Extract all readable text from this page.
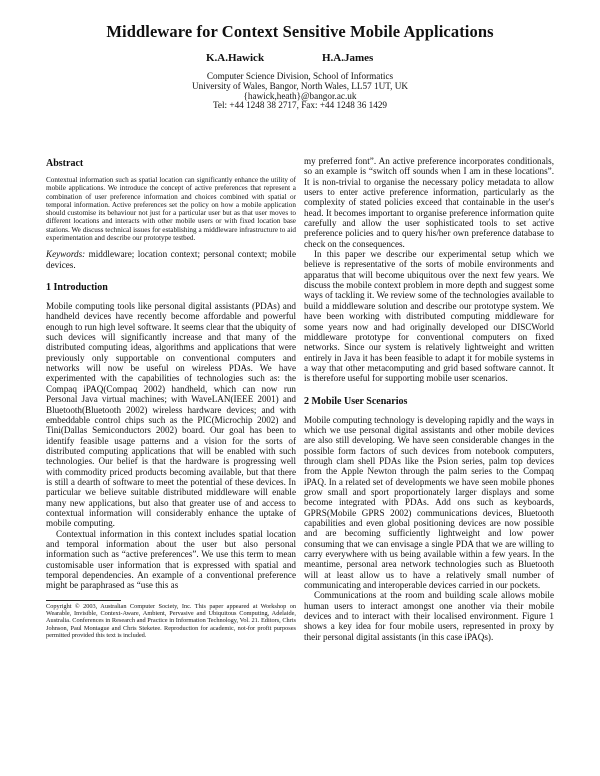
Middleware for Context Sensitive Mobile Applications
K.A.Hawick	H.A.James
Computer Science Division, School of Informatics
University of Wales, Bangor, North Wales, LL57 1UT, UK
{hawick,heath}@bangor.ac.uk
Tel: +44 1248 38 2717, Fax: +44 1248 36 1429
Abstract

Contextual information such as spatial location can significantly enhance the utility of mobile applications. We introduce the concept of active preferences that represent a combination of user preference information and choices combined with spatial or temporal information. Active preferences set the policy on how a mobile application should customise its behaviour not just for a particular user but as that user moves to different locations and interacts with other mobile users or with fixed location base stations. We discuss technical issues for establishing a middleware infrastructure to aid experimentation and describe our prototype testbed.

Keywords: middleware; location context; personal context; mobile devices.

1 Introduction

Mobile computing tools like personal digital assistants (PDAs) and handheld devices have recently become affordable and powerful enough to run high level software. It seems clear that the ubiquity of such devices will significantly increase and that many of the distributed computing ideas, algorithms and applications that were previously only supportable on conventional computers and networks will now be useful on wireless PDAs. We have experimented with the capabilities of technologies such as: the Compaq iPAQ(Compaq 2002) handheld, which can now run Personal Java virtual machines; with WaveLAN(IEEE 2001) and Bluetooth(Bluetooth 2002) wireless hardware devices; and with embeddable control chips such as the PIC(Microchip 2002) and Tini(Dallas Semiconductors 2002) board. Our goal has been to identify feasible usage patterns and a vision for the sorts of distributed computing applications that will be enabled with such technologies. Our belief is that the hardware is progressing well with commodity priced products becoming available, but that there is still a dearth of software to meet the potential of these devices. In particular we believe suitable distributed middleware will enable many new applications, but also that greater use of and access to contextual information will considerably enhance the uptake of mobile computing.

Contextual information in this context includes spatial location and temporal information about the user but also personal information such as “active preferences”. We use this term to mean customisable user information that is expressed with spatial and temporal dependencies. An example of a conventional preference might be paraphrased as “use this as

Copyright © 2003, Australian Computer Society, Inc. This paper appeared at Workshop on Wearable, Invisible, Context-Aware, Ambient, Pervasive and Ubiquitous Computing, Adelaide, Australia. Conferences in Research and Practice in Information Technology, Vol. 21. Editors, Chris Johnson, Paul Montague and Chris Steketee. Reproduction for academic, not-for profit purposes permitted provided this text is included.

my preferred font”. An active preference incorporates conditionals, so an example is “switch off sounds when I am in these locations”. It is non-trivial to organise the necessary policy metadata to allow users to enter active preference information, particularly as the complexity of stated policies exceed that containable in the user's head. It becomes important to organise preference information quite carefully and allow the user sophisticated tools to set active preference policies and to query his/her own preference database to check on the consequences.

In this paper we describe our experimental setup which we believe is representative of the sorts of mobile environments and apparatus that will become ubiquitous over the next few years. We discuss the mobile context problem in more depth and suggest some ways of tackling it. We review some of the technologies available to build a middleware solution and describe our prototype system. We have been working with distributed computing middleware for some years now and had originally developed our DISCWorld middleware prototype for conventional computers on fixed networks. Since our system is relatively lightweight and written entirely in Java it has been feasible to adapt it for mobile systems in a way that other metacomputing and grid based software cannot. It is therefore useful for supporting mobile user scenarios.

2 Mobile User Scenarios

Mobile computing technology is developing rapidly and the ways in which we use personal digital assistants and other mobile devices are also still developing. We have seen considerable changes in the possible form factors of such devices from notebook computers, through clam shell PDAs like the Psion series, palm top devices from the Apple Newton through the palm series to the Compaq iPAQ. In a related set of developments we have seen mobile phones grow small and sport proportionately larger displays and some become integrated with PDAs. Add ons such as keyboards, GPRS(Mobile GPRS 2002) communications devices, Bluetooth capabilities and even global positioning devices are now possible and are becoming sufficiently lightweight and low power consuming that we can envisage a single PDA that we are willing to carry everywhere with us being available within a few years. In the meantime, personal area network technologies such as Bluetooth will at least allow us to have a relatively small number of communicating and interoperable devices carried in our pockets.

Communications at the room and building scale allows mobile human users to interact amongst one another via their mobile devices and to interact with their localised environment. Figure 1 shows a key idea for four mobile users, represented in proxy by their personal digital assistants (in this case iPAQs).
